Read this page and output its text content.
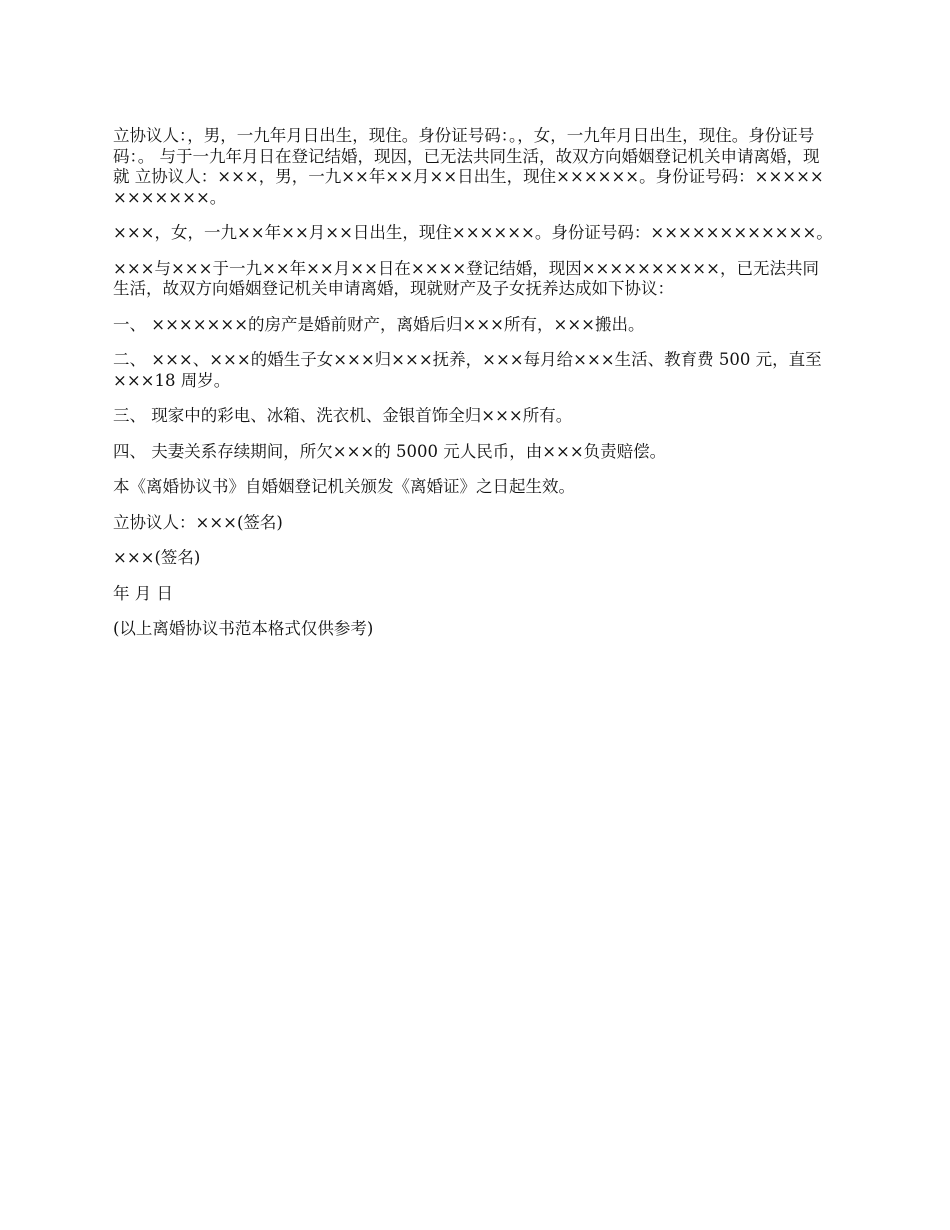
立协议人：，男，一九年月日出生，现住。身份证号码：。，女，一九年月日出生，现住。身份证号码：。 与于一九年月日在登记结婚，现因，已无法共同生活，故双方向婚姻登记机关申请离婚，现就 立协议人：×××，男，一九××年××月××日出生，现住××××××。身份证号码：××××××××××××。

×××，女，一九××年××月××日出生，现住××××××。身份证号码：××××××××××××。

×××与×××于一九××年××月××日在××××登记结婚，现因××××××××××，已无法共同生活，故双方向婚姻登记机关申请离婚，现就财产及子女抚养达成如下协议：

一、 ×××××××的房产是婚前财产，离婚后归×××所有，×××搬出。

二、 ×××、×××的婚生子女×××归×××抚养，×××每月给×××生活、教育费 500 元，直至×××18 周岁。

三、 现家中的彩电、冰箱、洗衣机、金银首饰全归×××所有。

四、 夫妻关系存续期间，所欠×××的 5000 元人民币，由×××负责赔偿。

本《离婚协议书》自婚姻登记机关颁发《离婚证》之日起生效。

立协议人：×××(签名)

×××(签名)

年 月 日

(以上离婚协议书范本格式仅供参考)
